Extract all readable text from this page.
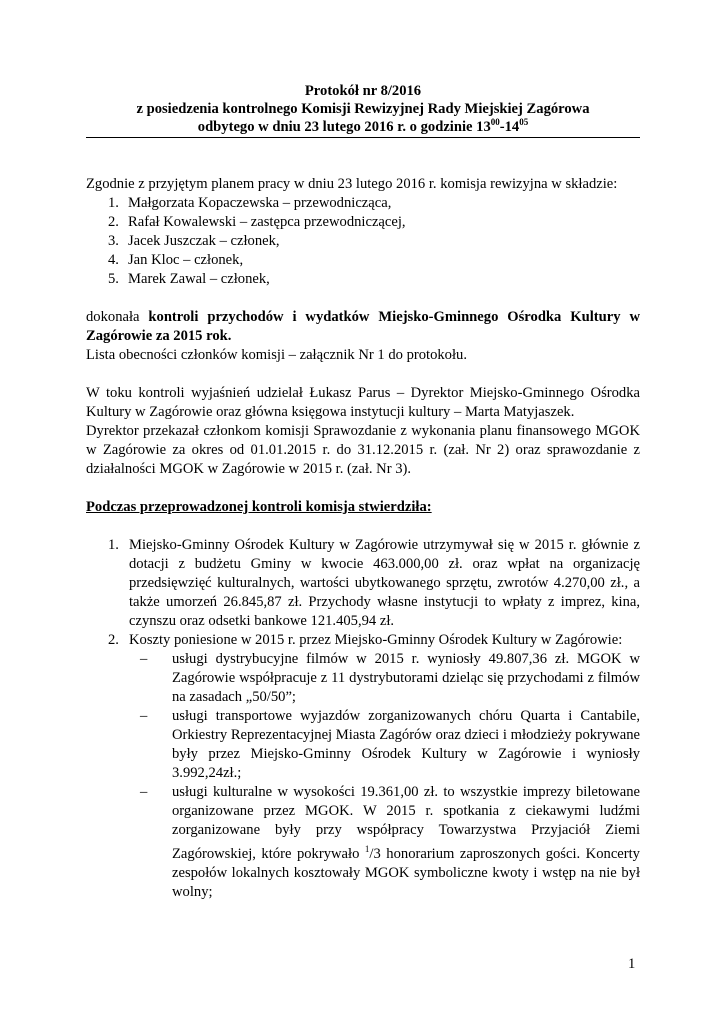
Protokół nr 8/2016
z posiedzenia kontrolnego Komisji Rewizyjnej Rady Miejskiej Zagórowa
odbytego w dniu 23 lutego 2016 r. o godzinie $13^{00}-14^{05}$

Zgodnie z przyjętym planem pracy w dniu 23 lutego 2016 r. komisja rewizyjna w składzie:

1. Małgorzata Kopaczewska – przewodnicząca,
2. Rafał Kowalewski – zastępca przewodniczącej,
3. Jacek Juszczak – członek,
4. Jan Kloc – członek,
5. Marek Zawal – członek,

dokonała kontroli przychodów i wydatków Miejsko-Gminnego Ośrodka Kultury w Zagórowie za 2015 rok.

Lista obecności członków komisji – załącznik Nr 1 do protokołu.

W toku kontroli wyjaśnień udzielał Łukasz Parus – Dyrektor Miejsko-Gminnego Ośrodka Kultury w Zagórowie oraz główna księgowa instytucji kultury – Marta Matyjaszek.

Dyrektor przekazał członkom komisji Sprawozdanie z wykonania planu finansowego MGOK w Zagórowie za okres od 01.01.2015 r. do 31.12.2015 r. (zał. Nr 2) oraz sprawozdanie z działalności MGOK w Zagórowie w 2015 r. (zał. Nr 3).

Podczas przeprowadzonej kontroli komisja stwierdziła:

1. Miejsko-Gminny Ośrodek Kultury w Zagórowie utrzymywał się w 2015 r. głównie z dotacji z budżetu Gminy w kwocie 463.000,00 zł. oraz wpłat na organizację przedsięwzięć kulturalnych, wartości ubytkowanego sprzętu, zwrotów 4.270,00 zł., a także umorzeń 26.845,87 zł. Przychody własne instytucji to wpłaty z imprez, kina, czynszu oraz odsetki bankowe 121.405,94 zł.

2. Koszty poniesione w 2015 r. przez Miejsko-Gminny Ośrodek Kultury w Zagórowie:

– usługi dystrybucyjne filmów w 2015 r. wyniosły 49.807,36 zł. MGOK w Zagórowie współpracuje z 11 dystrybutorami dzieląc się przychodami z filmów na zasadach „50/50”;

– usługi transportowe wyjazdów zorganizowanych chóru Quarta i Cantabile, Orkiestry Reprezentacyjnej Miasta Zagórów oraz dzieci i młodzieży pokrywane były przez Miejsko-Gminny Ośrodek Kultury w Zagórowie i wyniosły 3.992,24zł.;

– usługi kulturalne w wysokości 19.361,00 zł. to wszystkie imprezy biletowane organizowane przez MGOK. W 2015 r. spotkania z ciekawymi ludźmi zorganizowane były przy współpracy Towarzystwa Przyjaciół Ziemi Zagórowskiej, które pokrywało $^1$/3 honorarium zaproszonych gości. Koncerty zespołów lokalnych kosztowały MGOK symboliczne kwoty i wstęp na nie był wolny;

1
